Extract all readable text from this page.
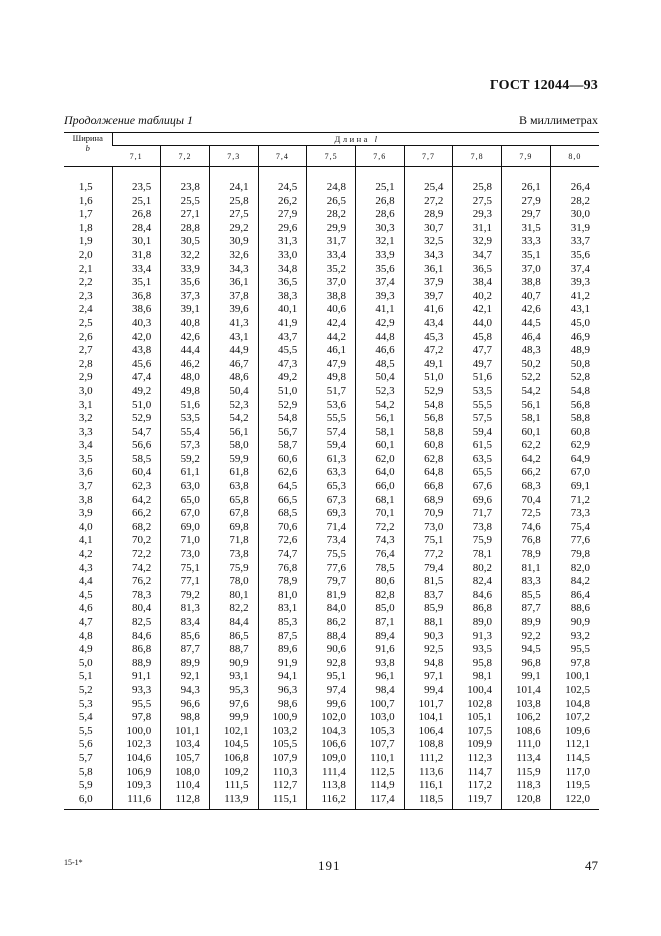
ГОСТ 12044—93
Продолжение таблицы 1	В миллиметрах
Ширина
b	Длина l									
	7,1	7,2	7,3	7,4	7,5	7,6	7,7	7,8	7,9	8,0

1,5	23,5	23,8	24,1	24,5	24,8	25,1	25,4	25,8	26,1	26,4
1,6	25,1	25,5	25,8	26,2	26,5	26,8	27,2	27,5	27,9	28,2
1,7	26,8	27,1	27,5	27,9	28,2	28,6	28,9	29,3	29,7	30,0
1,8	28,4	28,8	29,2	29,6	29,9	30,3	30,7	31,1	31,5	31,9
1,9	30,1	30,5	30,9	31,3	31,7	32,1	32,5	32,9	33,3	33,7
2,0	31,8	32,2	32,6	33,0	33,4	33,9	34,3	34,7	35,1	35,6
2,1	33,4	33,9	34,3	34,8	35,2	35,6	36,1	36,5	37,0	37,4
2,2	35,1	35,6	36,1	36,5	37,0	37,4	37,9	38,4	38,8	39,3
2,3	36,8	37,3	37,8	38,3	38,8	39,3	39,7	40,2	40,7	41,2
2,4	38,6	39,1	39,6	40,1	40,6	41,1	41,6	42,1	42,6	43,1
2,5	40,3	40,8	41,3	41,9	42,4	42,9	43,4	44,0	44,5	45,0
2,6	42,0	42,6	43,1	43,7	44,2	44,8	45,3	45,8	46,4	46,9
2,7	43,8	44,4	44,9	45,5	46,1	46,6	47,2	47,7	48,3	48,9
2,8	45,6	46,2	46,7	47,3	47,9	48,5	49,1	49,7	50,2	50,8
2,9	47,4	48,0	48,6	49,2	49,8	50,4	51,0	51,6	52,2	52,8
3,0	49,2	49,8	50,4	51,0	51,7	52,3	52,9	53,5	54,2	54,8
3,1	51,0	51,6	52,3	52,9	53,6	54,2	54,8	55,5	56,1	56,8
3,2	52,9	53,5	54,2	54,8	55,5	56,1	56,8	57,5	58,1	58,8
3,3	54,7	55,4	56,1	56,7	57,4	58,1	58,8	59,4	60,1	60,8
3,4	56,6	57,3	58,0	58,7	59,4	60,1	60,8	61,5	62,2	62,9
3,5	58,5	59,2	59,9	60,6	61,3	62,0	62,8	63,5	64,2	64,9
3,6	60,4	61,1	61,8	62,6	63,3	64,0	64,8	65,5	66,2	67,0
3,7	62,3	63,0	63,8	64,5	65,3	66,0	66,8	67,6	68,3	69,1
3,8	64,2	65,0	65,8	66,5	67,3	68,1	68,9	69,6	70,4	71,2
3,9	66,2	67,0	67,8	68,5	69,3	70,1	70,9	71,7	72,5	73,3
4,0	68,2	69,0	69,8	70,6	71,4	72,2	73,0	73,8	74,6	75,4
4,1	70,2	71,0	71,8	72,6	73,4	74,3	75,1	75,9	76,8	77,6
4,2	72,2	73,0	73,8	74,7	75,5	76,4	77,2	78,1	78,9	79,8
4,3	74,2	75,1	75,9	76,8	77,6	78,5	79,4	80,2	81,1	82,0
4,4	76,2	77,1	78,0	78,9	79,7	80,6	81,5	82,4	83,3	84,2
4,5	78,3	79,2	80,1	81,0	81,9	82,8	83,7	84,6	85,5	86,4
4,6	80,4	81,3	82,2	83,1	84,0	85,0	85,9	86,8	87,7	88,6
4,7	82,5	83,4	84,4	85,3	86,2	87,1	88,1	89,0	89,9	90,9
4,8	84,6	85,6	86,5	87,5	88,4	89,4	90,3	91,3	92,2	93,2
4,9	86,8	87,7	88,7	89,6	90,6	91,6	92,5	93,5	94,5	95,5
5,0	88,9	89,9	90,9	91,9	92,8	93,8	94,8	95,8	96,8	97,8
5,1	91,1	92,1	93,1	94,1	95,1	96,1	97,1	98,1	99,1	100,1
5,2	93,3	94,3	95,3	96,3	97,4	98,4	99,4	100,4	101,4	102,5
5,3	95,5	96,6	97,6	98,6	99,6	100,7	101,7	102,8	103,8	104,8
5,4	97,8	98,8	99,9	100,9	102,0	103,0	104,1	105,1	106,2	107,2
5,5	100,0	101,1	102,1	103,2	104,3	105,3	106,4	107,5	108,6	109,6
5,6	102,3	103,4	104,5	105,5	106,6	107,7	108,8	109,9	111,0	112,1
5,7	104,6	105,7	106,8	107,9	109,0	110,1	111,2	112,3	113,4	114,5
5,8	106,9	108,0	109,2	110,3	111,4	112,5	113,6	114,7	115,9	117,0
5,9	109,3	110,4	111,5	112,7	113,8	114,9	116,1	117,2	118,3	119,5
6,0	111,6	112,8	113,9	115,1	116,2	117,4	118,5	119,7	120,8	122,0
15-1*	191	47
